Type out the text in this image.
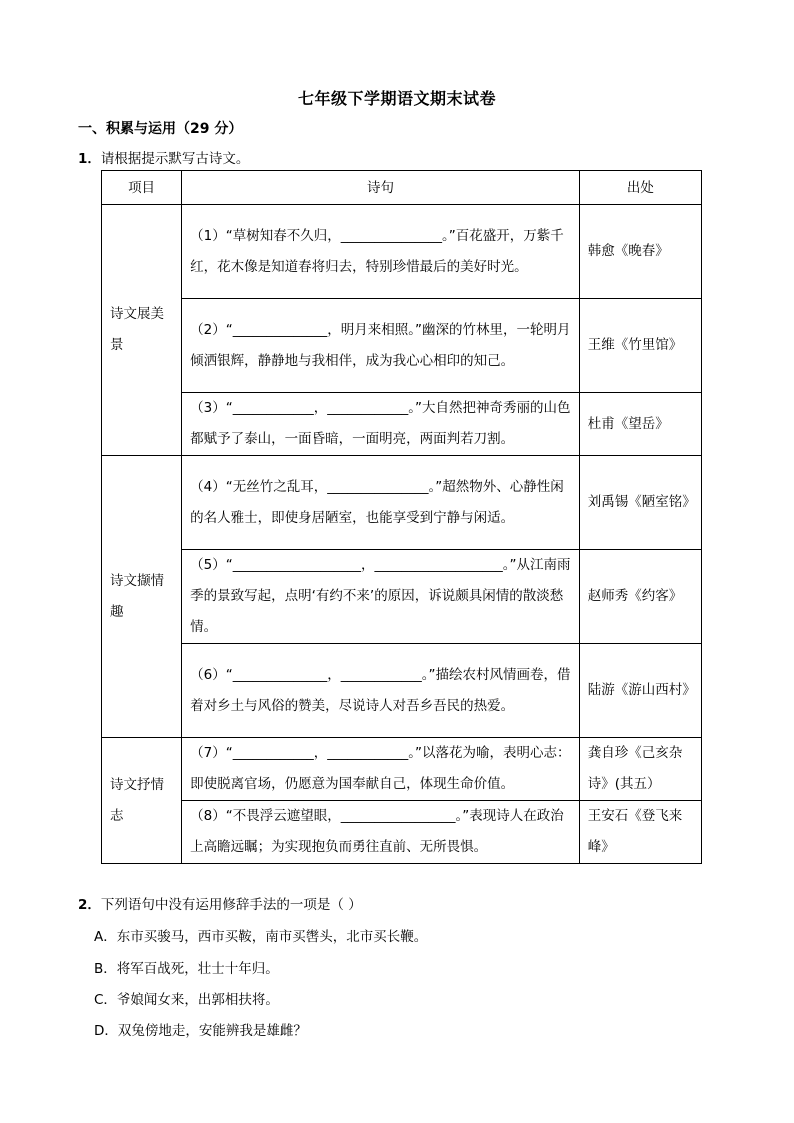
七年级下学期语文期末试卷
一、积累与运用（29 分）
1．请根据提示默写古诗文。
项目	诗句	出处
诗文展美景	（1）“草树知春不久归，_______________。”百花盛开，万紫千红，花木像是知道春将归去，特别珍惜最后的美好时光。	韩愈《晚春》
	（2）“______________，明月来相照。”幽深的竹林里，一轮明月倾洒银辉，静静地与我相伴，成为我心心相印的知己。	王维《竹里馆》
	（3）“____________，____________。”大自然把神奇秀丽的山色都赋予了泰山，一面昏暗，一面明亮，两面判若刀割。	杜甫《望岳》
诗文撷情趣	（4）“无丝竹之乱耳，_______________。”超然物外、心静性闲的名人雅士，即使身居陋室，也能享受到宁静与闲适。	刘禹锡《陋室铭》
	（5）“___________________，___________________。”从江南雨季的景致写起，点明‘有约不来’的原因，诉说颇具闲情的散淡愁情。	赵师秀《约客》
	（6）“______________，____________。”描绘农村风情画卷，借着对乡土与风俗的赞美，尽说诗人对吾乡吾民的热爱。	陆游《游山西村》
诗文抒情志	（7）“____________，____________。”以落花为喻，表明心志：即使脱离官场，仍愿意为国奉献自己，体现生命价值。	龚自珍《己亥杂诗》(其五）
	（8）“不畏浮云遮望眼，_________________。”表现诗人在政治上高瞻远瞩；为实现抱负而勇往直前、无所畏惧。	王安石《登飞来峰》
2．下列语句中没有运用修辞手法的一项是（ ）
A．东市买骏马，西市买鞍，南市买辔头，北市买长鞭。
B．将军百战死，壮士十年归。
C．爷娘闻女来，出郭相扶将。
D．双兔傍地走，安能辨我是雄雌？
